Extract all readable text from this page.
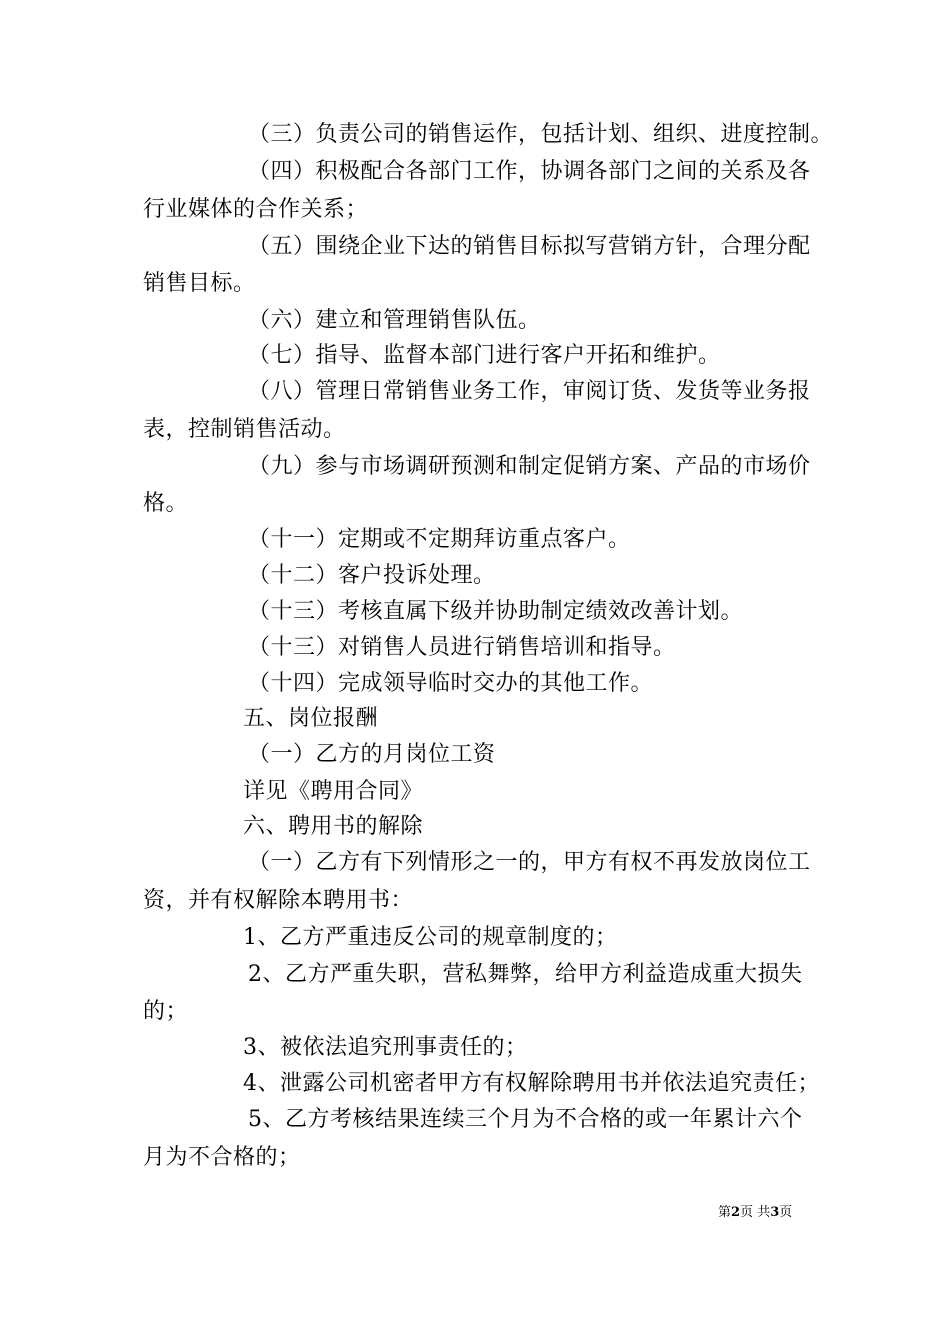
（三）负责公司的销售运作，包括计划、组织、进度控制。
（四）积极配合各部门工作，协调各部门之间的关系及各
行业媒体的合作关系；
（五）围绕企业下达的销售目标拟写营销方针，合理分配
销售目标。
（六）建立和管理销售队伍。
（七）指导、监督本部门进行客户开拓和维护。
（八）管理日常销售业务工作，审阅订货、发货等业务报
表，控制销售活动。
（九）参与市场调研预测和制定促销方案、产品的市场价
格。
（十一）定期或不定期拜访重点客户。
（十二）客户投诉处理。
（十三）考核直属下级并协助制定绩效改善计划。
（十三）对销售人员进行销售培训和指导。
（十四）完成领导临时交办的其他工作。
五、岗位报酬
（一）乙方的月岗位工资
详见《聘用合同》
六、聘用书的解除
（一）乙方有下列情形之一的，甲方有权不再发放岗位工
资，并有权解除本聘用书：
1、乙方严重违反公司的规章制度的；
2、乙方严重失职，营私舞弊，给甲方利益造成重大损失
的；
3、被依法追究刑事责任的；
4、泄露公司机密者甲方有权解除聘用书并依法追究责任；
5、乙方考核结果连续三个月为不合格的或一年累计六个
月为不合格的；
第2页 共3页
